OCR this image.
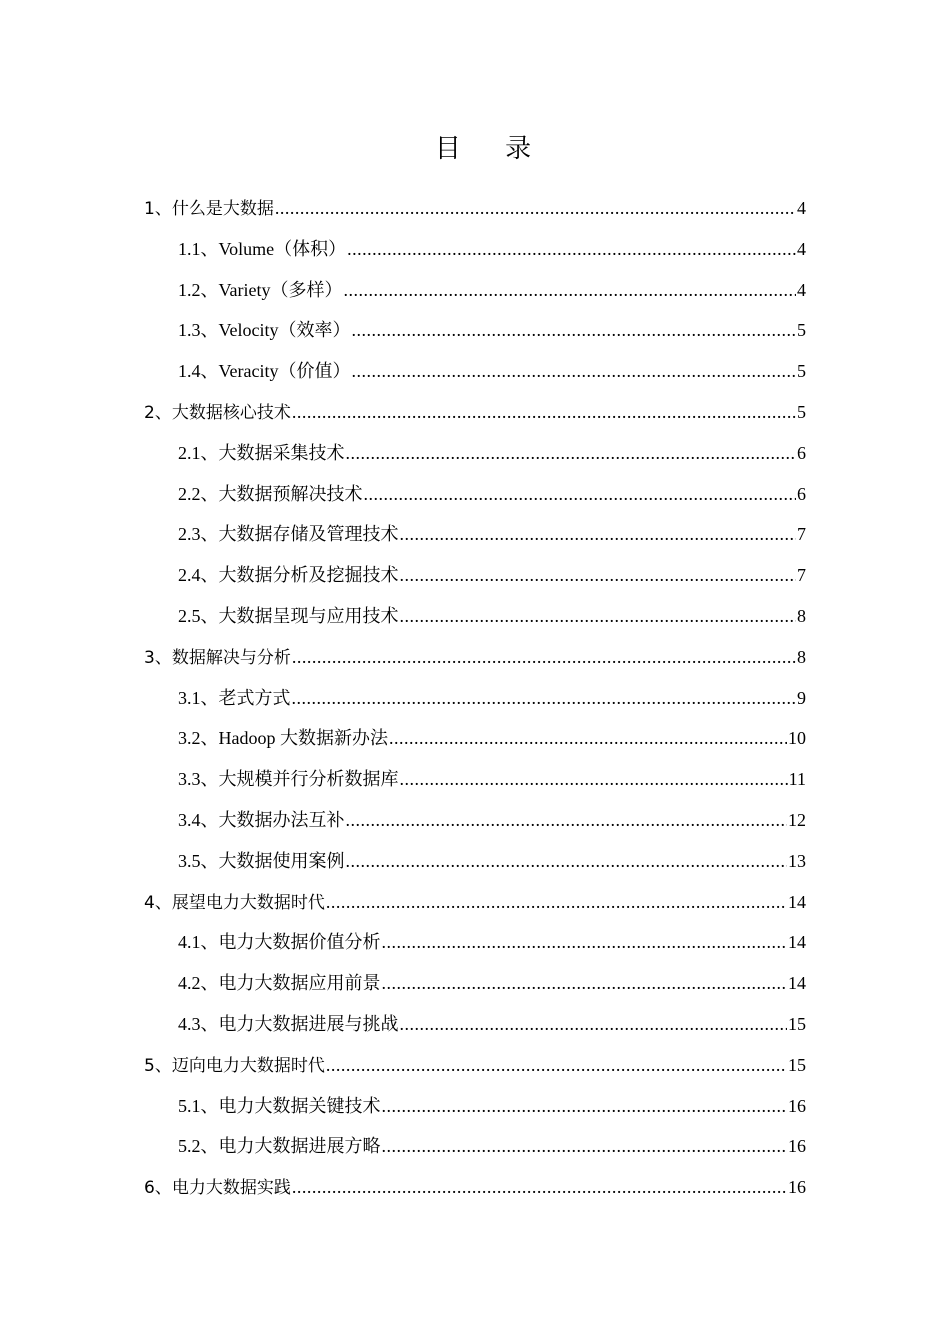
目 录
1、什么是大数据 .....	4
1.1、Volume（体积） .....	4
1.2、Variety（多样） .....	4
1.3、Velocity（效率） .....	5
1.4、Veracity（价值） .....	5
2、大数据核心技术 .....	5
2.1、大数据采集技术 .....	6
2.2、大数据预解决技术 .....	6
2.3、大数据存储及管理技术 .....	7
2.4、大数据分析及挖掘技术 .....	7
2.5、大数据呈现与应用技术 .....	8
3、数据解决与分析 .....	8
3.1、老式方式 .....	9
3.2、Hadoop 大数据新办法 .....	10
3.3、大规模并行分析数据库 .....	11
3.4、大数据办法互补 .....	12
3.5、大数据使用案例 .....	13
4、展望电力大数据时代 .....	14
4.1、电力大数据价值分析 .....	14
4.2、电力大数据应用前景 .....	14
4.3、电力大数据进展与挑战 .....	15
5、迈向电力大数据时代 .....	15
5.1、电力大数据关键技术 .....	16
5.2、电力大数据进展方略 .....	16
6、电力大数据实践 .....	16
